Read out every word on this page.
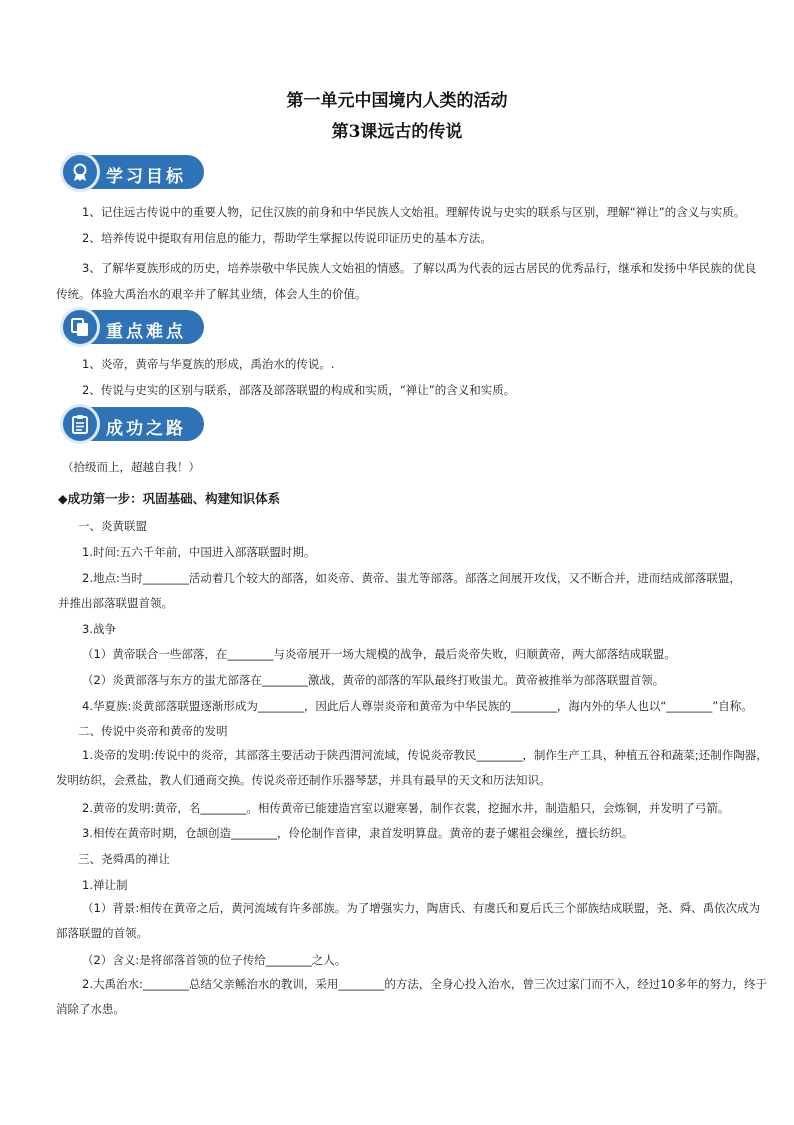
第一单元中国境内人类的活动
第3课远古的传说
学习目标
1、记住远古传说中的重要人物，记住汉族的前身和中华民族人文始祖。理解传说与史实的联系与区别，理解“禅让”的含义与实质。
2、培养传说中提取有用信息的能力，帮助学生掌握以传说印证历史的基本方法。
3、了解华夏族形成的历史，培养崇敬中华民族人文始祖的情感。了解以禹为代表的远古居民的优秀品行，继承和发扬中华民族的优良传统。体验大禹治水的艰辛并了解其业绩，体会人生的价值。
重点难点
1、炎帝，黄帝与华夏族的形成，禹治水的传说。.
2、传说与史实的区别与联系，部落及部落联盟的构成和实质，“禅让”的含义和实质。
成功之路
（拾级而上，超越自我！）
◆成功第一步：巩固基础、构建知识体系
一、炎黄联盟
1.时间:五六千年前，中国进入部落联盟时期。
2.地点:当时________活动着几个较大的部落，如炎帝、黄帝、蚩尤等部落。部落之间展开攻伐，又不断合并，进而结成部落联盟，
并推出部落联盟首领。
3.战争
（1）黄帝联合一些部落，在________与炎帝展开一场大规模的战争，最后炎帝失败，归顺黄帝，两大部落结成联盟。
（2）炎黄部落与东方的蚩尤部落在________激战，黄帝的部落的军队最终打败蚩尤。黄帝被推举为部落联盟首领。
4.华夏族:炎黄部落联盟逐渐形成为________，因此后人尊崇炎帝和黄帝为中华民族的________，海内外的华人也以“________”自称。
二、传说中炎帝和黄帝的发明
1.炎帝的发明:传说中的炎帝，其部落主要活动于陕西渭河流域，传说炎帝教民________，制作生产工具，种植五谷和蔬菜;还制作陶器，发明纺织，会煮盐，教人们通商交换。传说炎帝还制作乐器琴瑟，并具有最早的天文和历法知识。
2.黄帝的发明:黄帝，名________。相传黄帝已能建造宫室以避寒暑，制作衣裳，挖掘水井，制造船只，会炼铜，并发明了弓箭。
3.相传在黄帝时期，仓颉创造________，伶伦制作音律，隶首发明算盘。黄帝的妻子嫘祖会缫丝，擅长纺织。
三、尧舜禹的禅让
1.禅让制
（1）背景:相传在黄帝之后，黄河流域有许多部族。为了增强实力，陶唐氏、有虞氏和夏后氏三个部族结成联盟，尧、舜、禹依次成为部落联盟的首领。
（2）含义:是将部落首领的位子传给________之人。
2.大禹治水:________总结父亲鲧治水的教训，采用________的方法，全身心投入治水，曾三次过家门而不入，经过10多年的努力，终于消除了水患。
